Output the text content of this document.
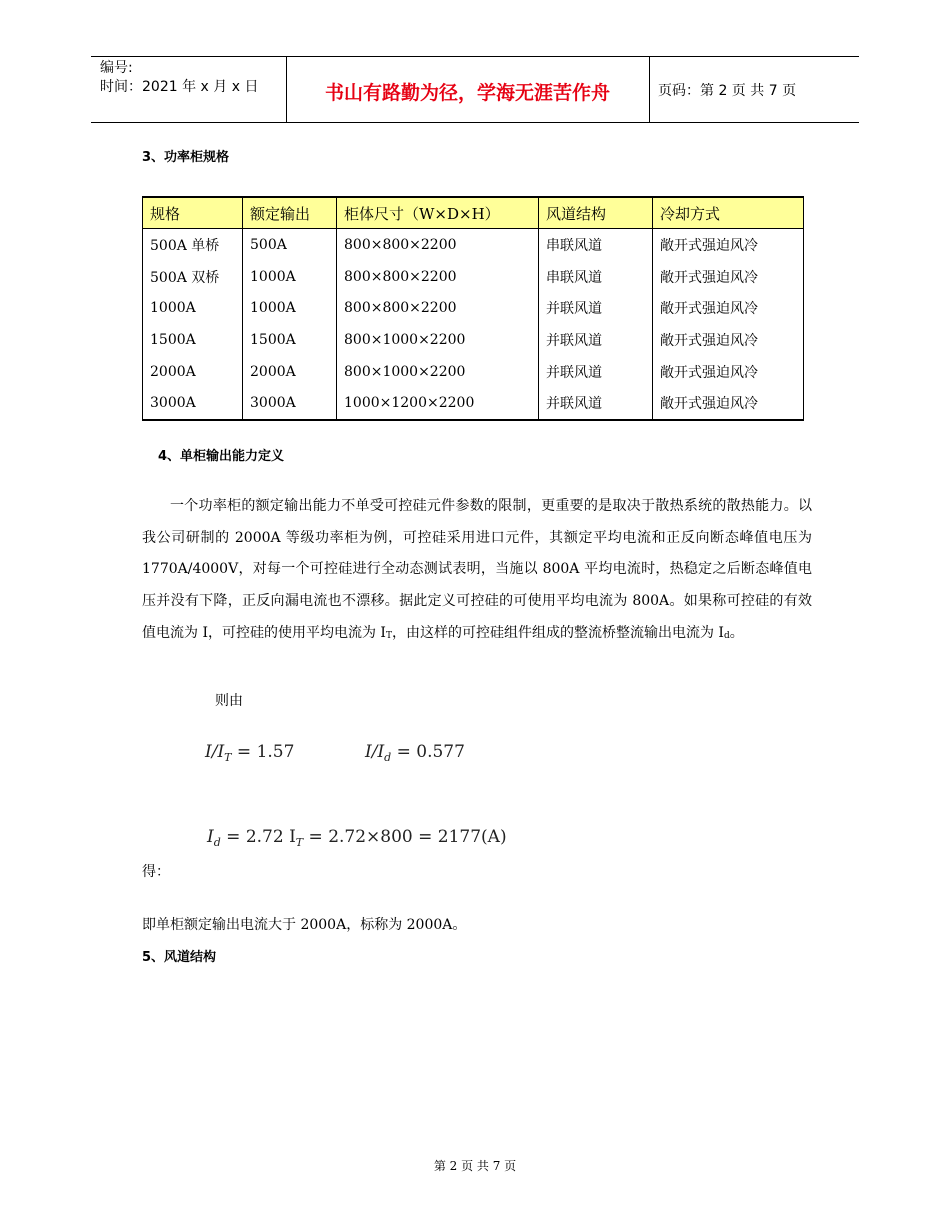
编号:
时间：2021 年 x 月 x 日	书山有路勤为径，学海无涯苦作舟	页码：第 2 页 共 7 页
3、功率柜规格
规格	额定输出	柜体尺寸（W×D×H）	风道结构	冷却方式
500A 单桥	500A	800×800×2200	串联风道	敞开式强迫风冷
500A 双桥	1000A	800×800×2200	串联风道	敞开式强迫风冷
1000A	1000A	800×800×2200	并联风道	敞开式强迫风冷
1500A	1500A	800×1000×2200	并联风道	敞开式强迫风冷
2000A	2000A	800×1000×2200	并联风道	敞开式强迫风冷
3000A	3000A	1000×1200×2200	并联风道	敞开式强迫风冷
4、单柜输出能力定义
一个功率柜的额定输出能力不单受可控硅元件参数的限制，更重要的是取决于散热系统的散热能力。以我公司研制的 2000A 等级功率柜为例，可控硅采用进口元件，其额定平均电流和正反向断态峰值电压为 1770A/4000V，对每一个可控硅进行全动态测试表明，当施以 800A 平均电流时，热稳定之后断态峰值电压并没有下降，正反向漏电流也不漂移。据此定义可控硅的可使用平均电流为 800A。如果称可控硅的有效值电流为 I，可控硅的使用平均电流为 $I_T$，由这样的可控硅组件组成的整流桥整流输出电流为 $I_d$。
则由
$I/I_T = 1.57$	$I/I_d = 0.577$
$I_d = 2.72$ $I_T = 2.72\times 800 = 2177(A)$
得：
即单柜额定输出电流大于 2000A，标称为 2000A。
5、风道结构
第 2 页 共 7 页
